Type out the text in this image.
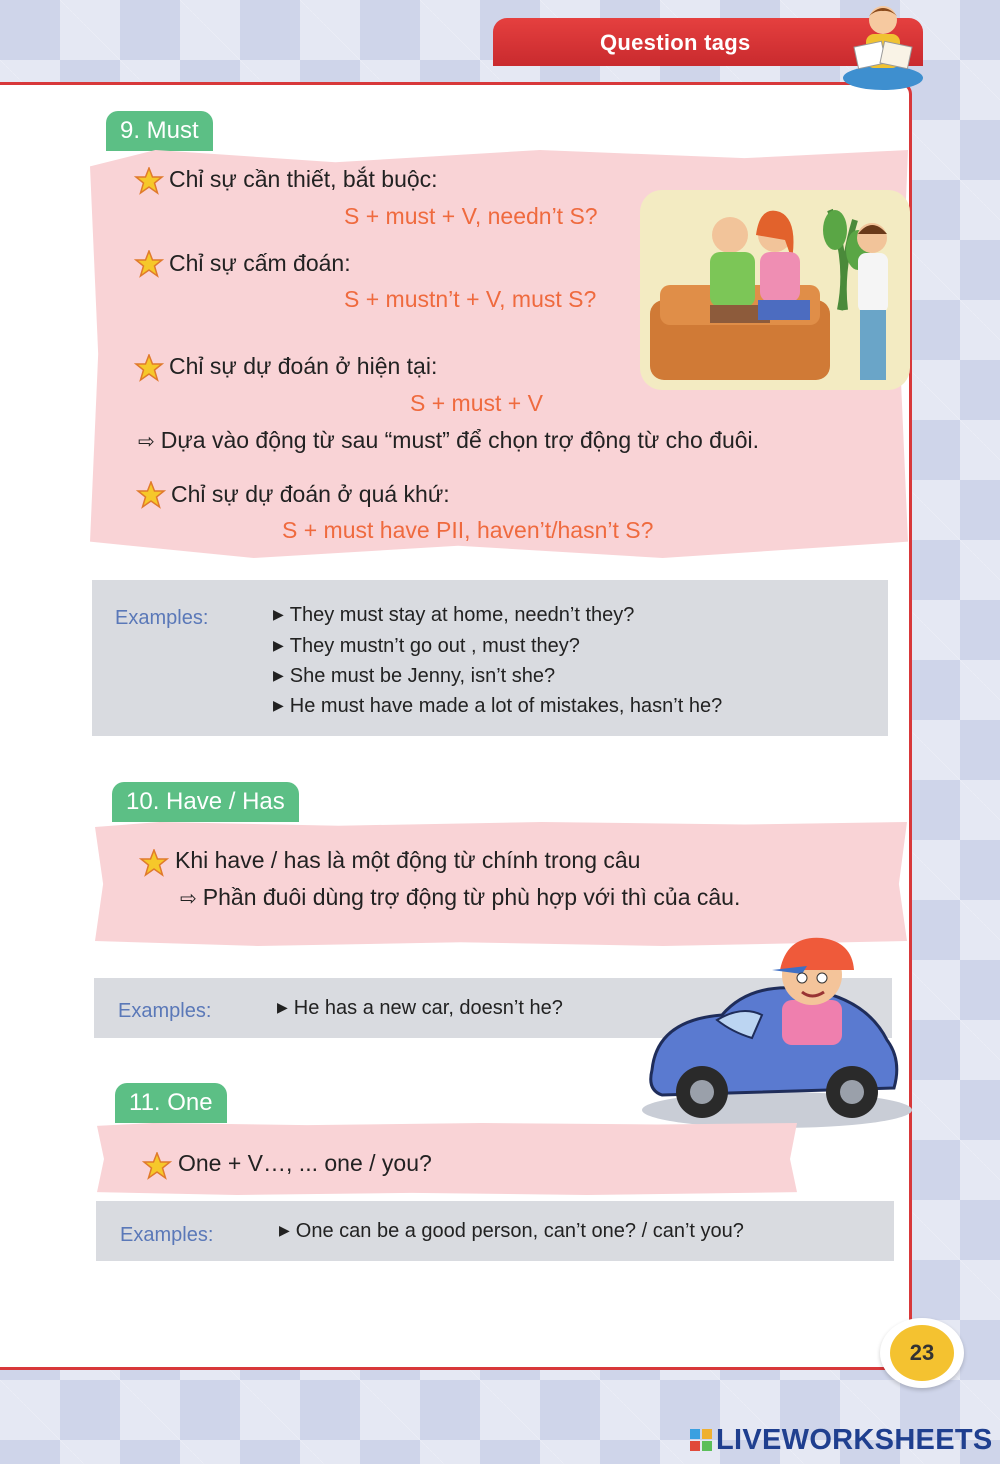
Question tags
9. Must
Chỉ sự cần thiết, bắt buộc:
S + must + V, needn’t S?
Chỉ sự cấm đoán:
S + mustn’t + V, must S?
Chỉ sự dự đoán ở hiện tại:
S + must + V
⇨ Dựa vào động từ sau “must” để chọn trợ động từ cho đuôi.
Chỉ sự dự đoán ở quá khứ:
S + must have PII, haven’t/hasn’t S?
Examples:	▶ They must stay at home, needn’t they?
▶ They mustn’t go out , must they?
▶ She must be Jenny, isn’t she?
▶ He must have made a lot of mistakes, hasn’t he?
10. Have / Has
Khi have / has là một động từ chính trong câu
⇨ Phần đuôi dùng trợ động từ phù hợp với thì của câu.
Examples:	▶ He has a new car, doesn’t he?
11. One
One + V…, ... one / you?
Examples:	▶ One can be a good person, can’t one? / can’t you?
23
LIVEWORKSHEETS
